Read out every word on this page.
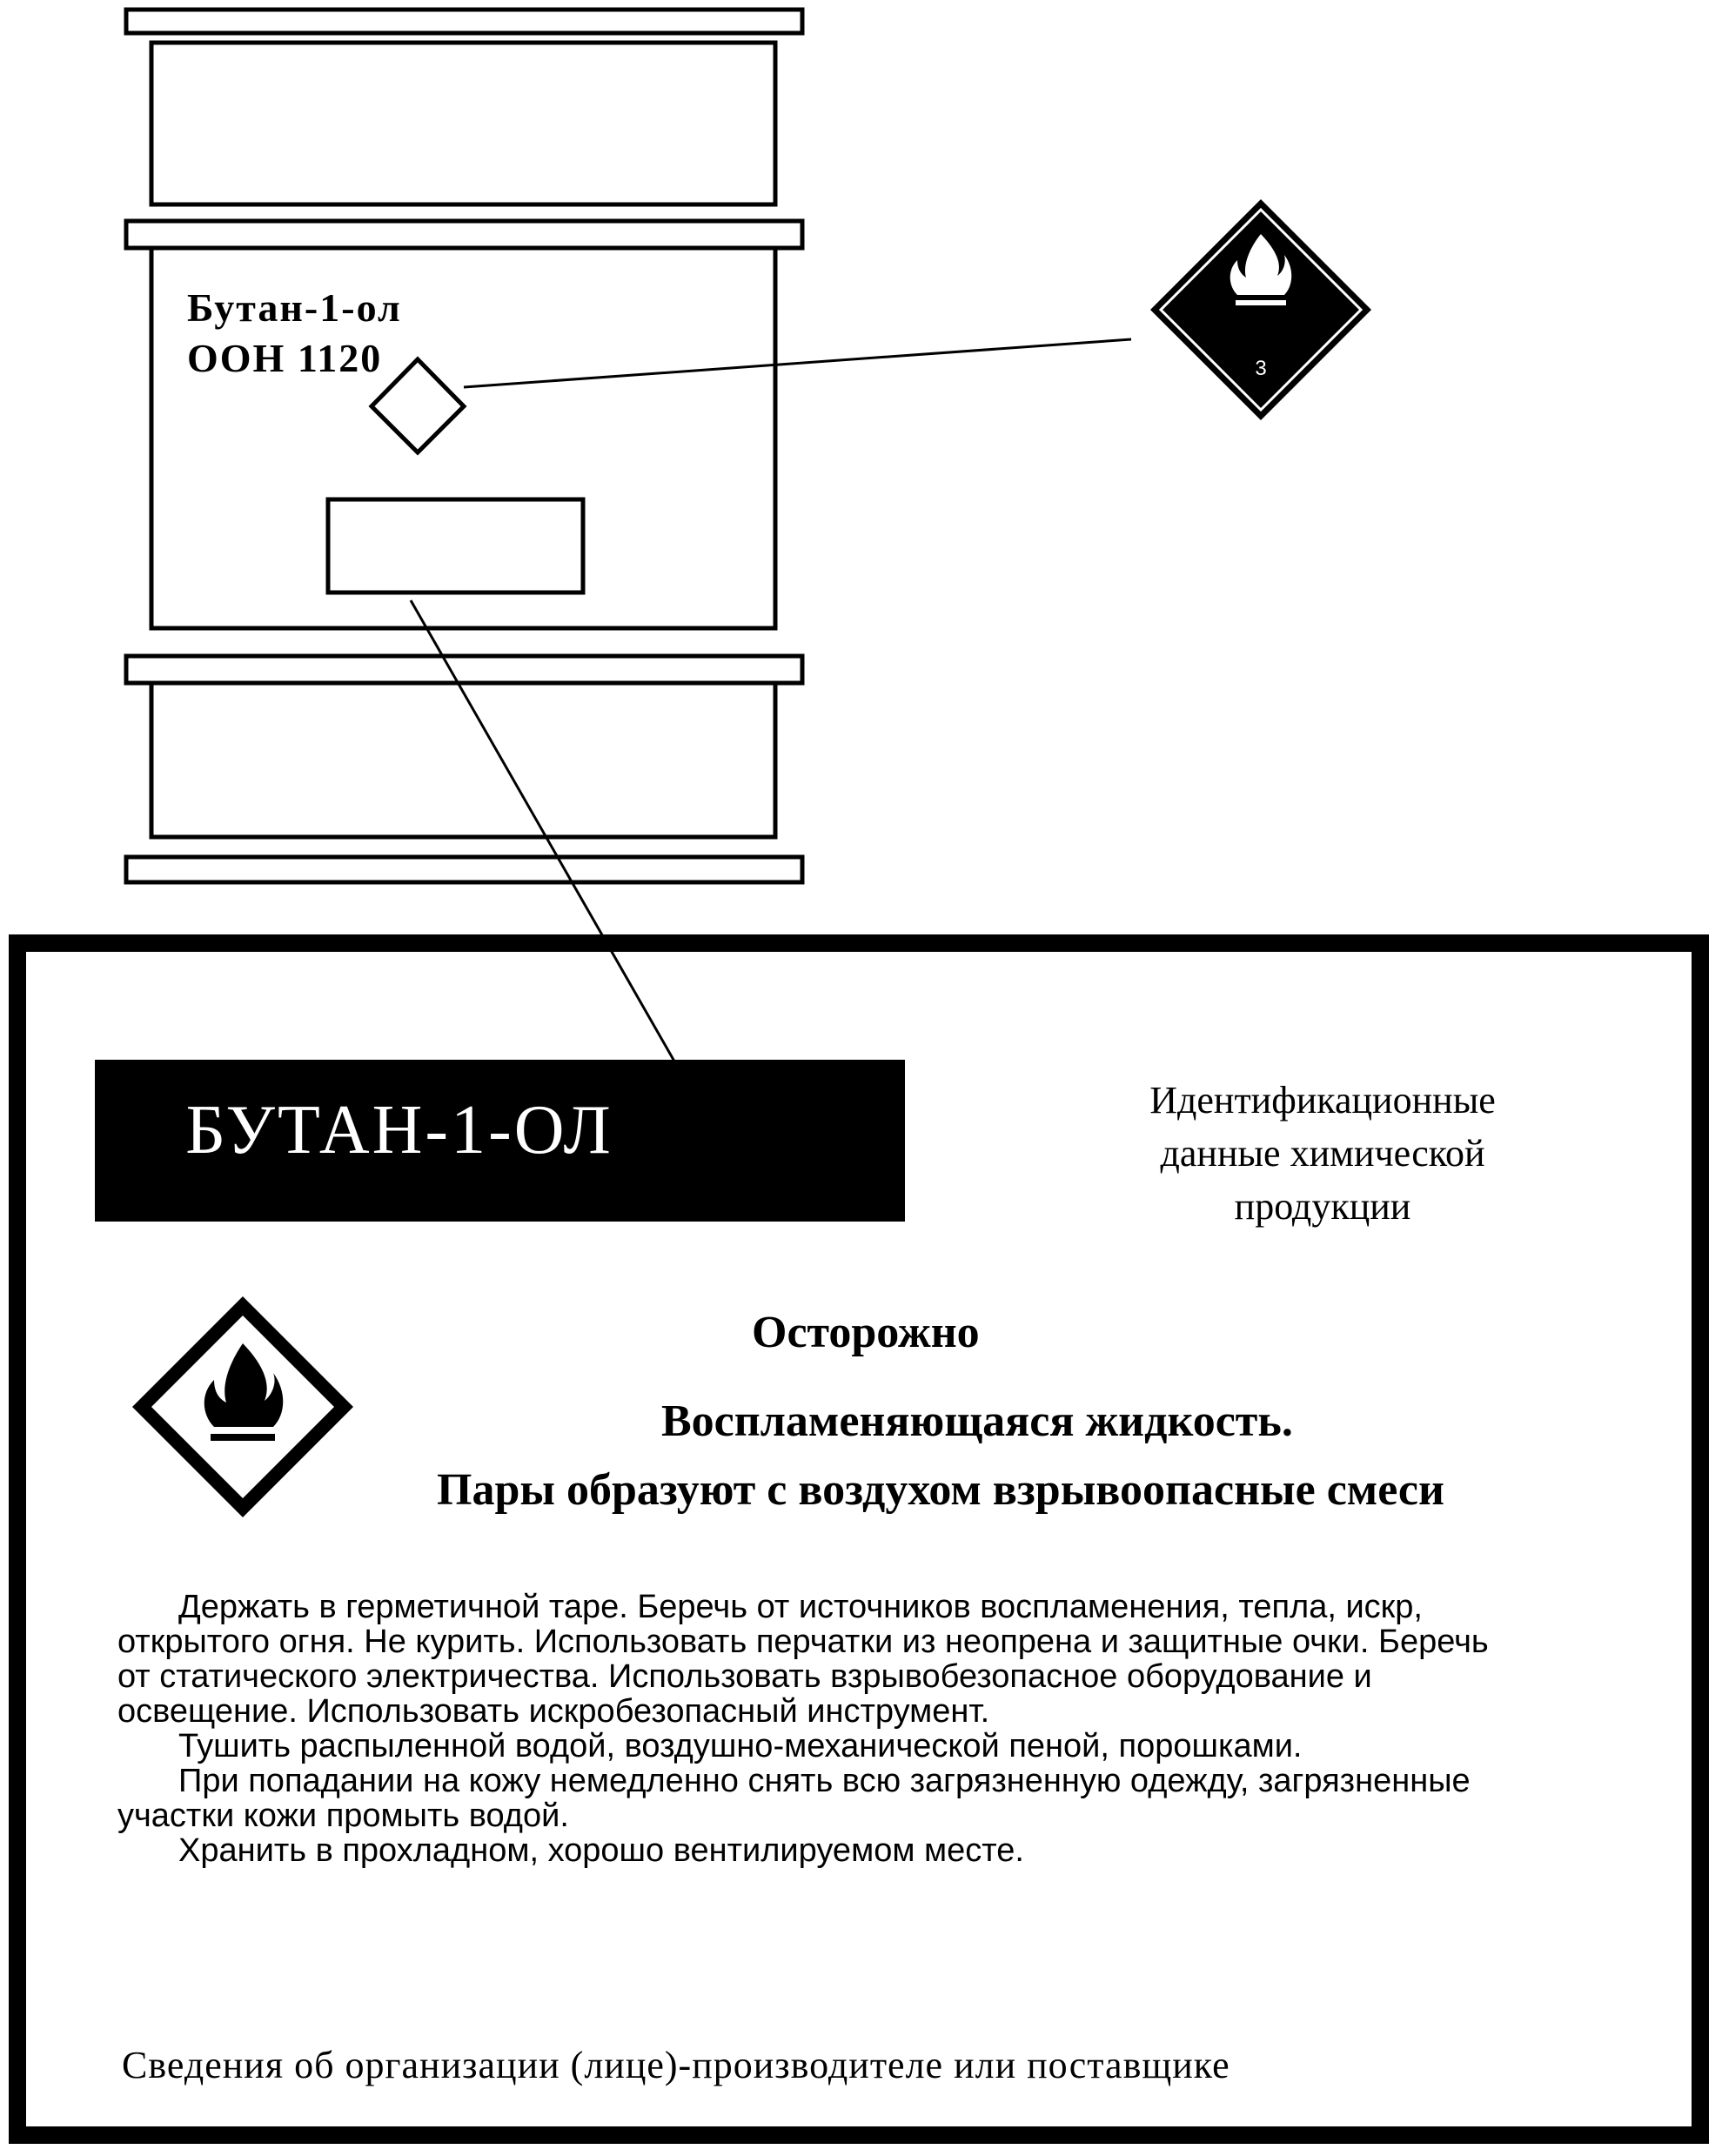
Бутан-1-ол
ООН 1120	3
БУТАН-1-ОЛ	Идентификационные
данные химической
продукции
Осторожно
Воспламеняющаяся жидкость.
Пары образуют с воздухом взрывоопасные смеси

Держать в герметичной таре. Беречь от источников воспламенения, тепла, искр, открытого огня. Не курить. Использовать перчатки из неопрена и защитные очки. Беречь от статического электричества. Использовать взрывобезопасное оборудование и освещение. Использовать искробезопасный инструмент.

Тушить распыленной водой, воздушно-механической пеной, порошками.

При попадании на кожу немедленно снять всю загрязненную одежду, загрязненные участки кожи промыть водой.

Хранить в прохладном, хорошо вентилируемом месте.

Сведения об организации (лице)-производителе или поставщике
